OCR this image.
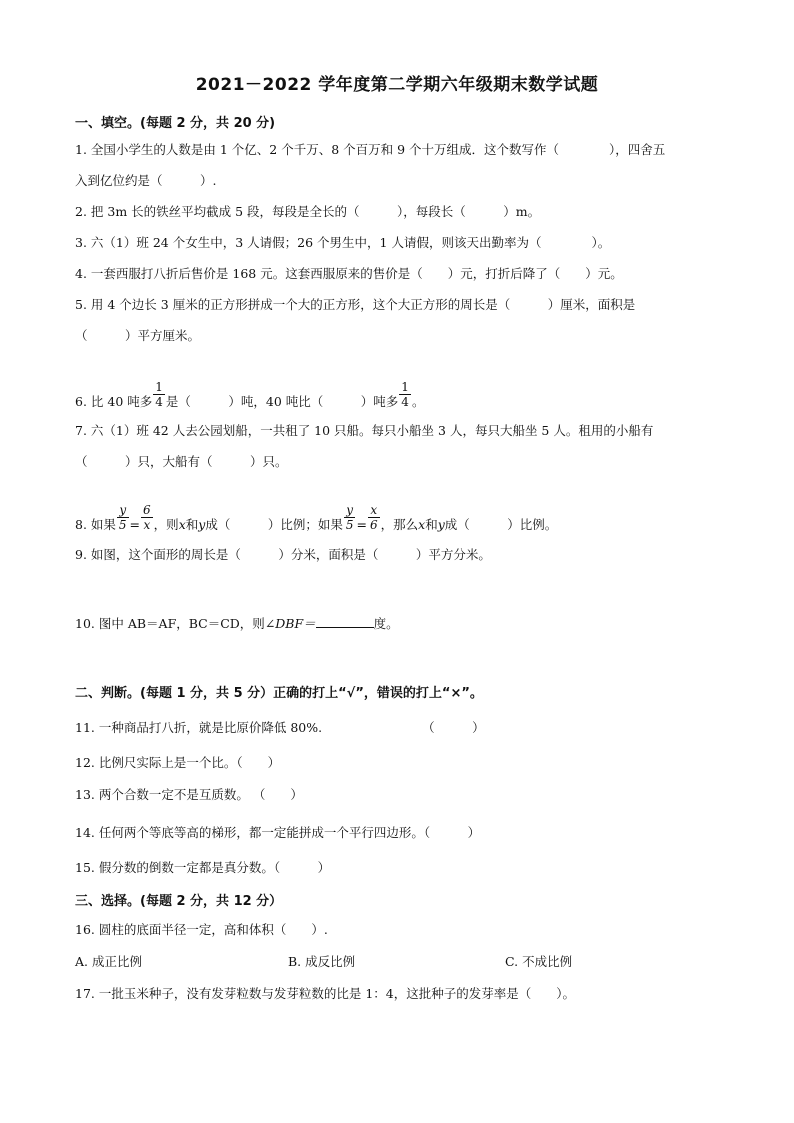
2021－2022 学年度第二学期六年级期末数学试题
一、填空。(每题 2 分，共 20 分)
1. 全国小学生的人数是由 1 个亿、2 个千万、8 个百万和 9 个十万组成．这个数写作（　　　　），四舍五
入到亿位约是（　　　）.
2. 把 3m 长的铁丝平均截成 5 段，每段是全长的（　　　），每段长（　　　）m。
3. 六（1）班 24 个女生中，3 人请假；26 个男生中，1 人请假，则该天出勤率为（　　　　）。
4. 一套西服打八折后售价是 168 元。这套西服原来的售价是（　　）元，打折后降了（　　）元。
5. 用 4 个边长 3 厘米的正方形拼成一个大的正方形，这个大正方形的周长是（　　　）厘米，面积是
（　　　）平方厘米。
6. 比 40 吨多 $\frac{1}{4}$ 是（　　　）吨，40 吨比（　　　）吨多 $\frac{1}{4}$ 。
7. 六（1）班 42 人去公园划船，一共租了 10 只船。每只小船坐 3 人，每只大船坐 5 人。租用的小船有
（　　　）只，大船有（　　　）只。
8. 如果 $\frac{y}{5} = \frac{6}{x}$ ，则x和y成（　　　）比例；如果 $\frac{y}{5} = \frac{x}{6}$ ，那么x和y成（　　　）比例。
9. 如图，这个面形的周长是（　　　）分米，面积是（　　　）平方分米。
10. 图中 AB＝AF，BC＝CD，则∠DBF＝	度。
二、判断。(每题 1 分，共 5 分）正确的打上“√”，错误的打上“×”。
11. 一种商品打八折，就是比原价降低 80%.	（　　　）
12. 比例尺实际上是一个比。（　　）
13. 两个合数一定不是互质数。 （　　）
14. 任何两个等底等高的梯形，都一定能拼成一个平行四边形。（　　　）
15. 假分数的倒数一定都是真分数。（　　　）
三、选择。(每题 2 分，共 12 分）
16. 圆柱的底面半径一定，高和体积（　　）.
A. 成正比例	B. 成反比例	C. 不成比例
17. 一批玉米种子，没有发芽粒数与发芽粒数的比是 1：4，这批种子的发芽率是（　　）。
